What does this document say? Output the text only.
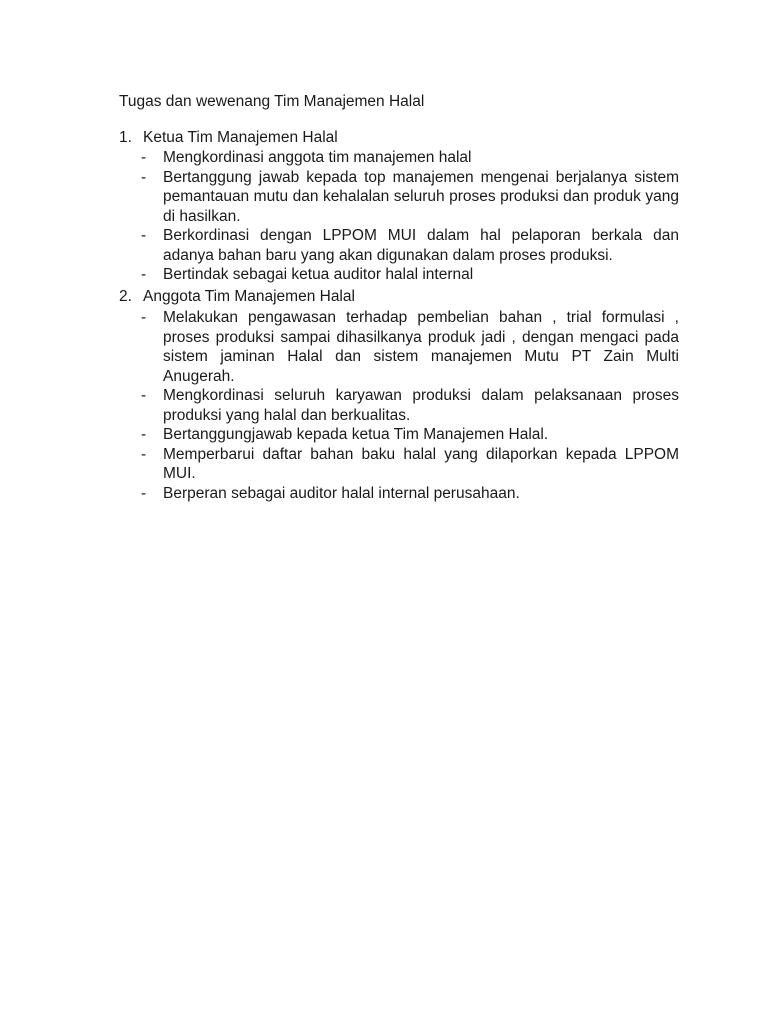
Tugas dan wewenang Tim Manajemen Halal
1. Ketua Tim Manajemen Halal
-	Mengkordinasi anggota tim manajemen halal
-	Bertanggung jawab kepada top manajemen mengenai berjalanya sistem pemantauan mutu dan kehalalan seluruh proses produksi dan produk yang di hasilkan.
-	Berkordinasi dengan LPPOM MUI dalam hal pelaporan berkala dan adanya bahan baru yang akan digunakan dalam proses produksi.
-	Bertindak sebagai ketua auditor halal internal
2. Anggota Tim Manajemen Halal
-	Melakukan pengawasan terhadap pembelian bahan , trial formulasi , proses produksi sampai dihasilkanya produk jadi , dengan mengaci pada sistem jaminan Halal dan sistem manajemen Mutu PT Zain Multi Anugerah.
-	Mengkordinasi seluruh karyawan produksi dalam pelaksanaan proses produksi yang halal dan berkualitas.
-	Bertanggungjawab kepada ketua Tim Manajemen Halal.
-	Memperbarui daftar bahan baku halal yang dilaporkan kepada LPPOM MUI.
-	Berperan sebagai auditor halal internal perusahaan.
